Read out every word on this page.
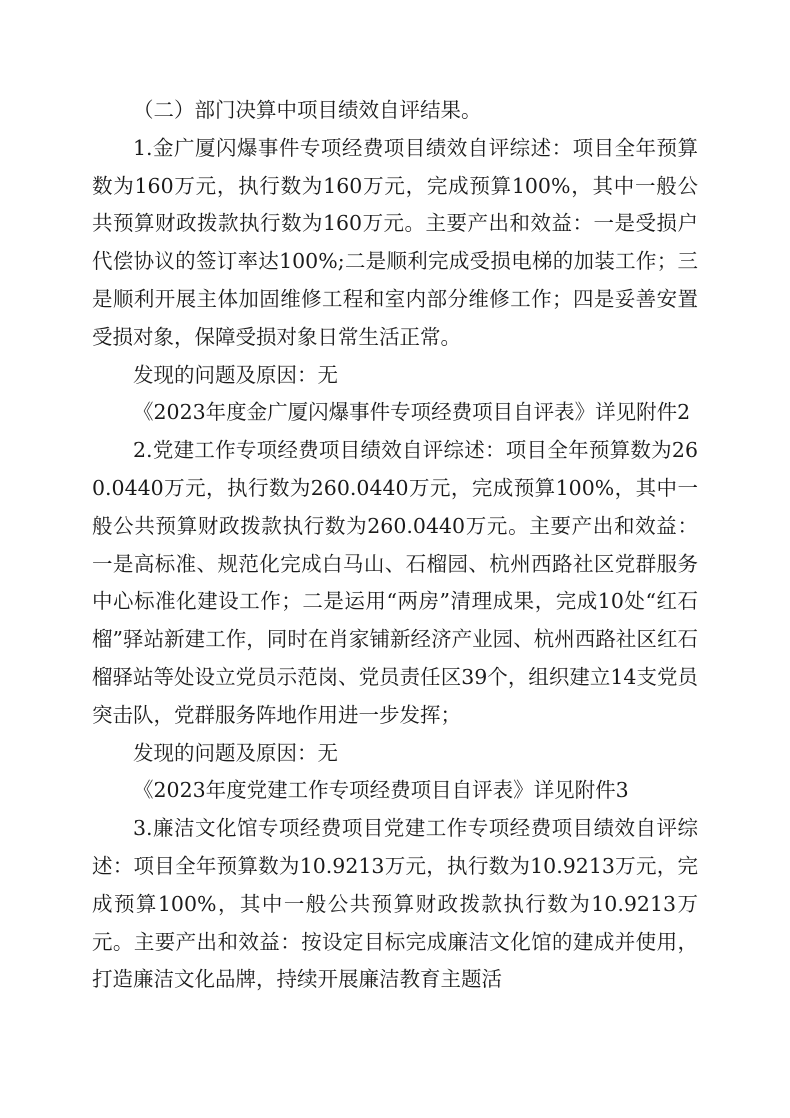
（二）部门决算中项目绩效自评结果。

1.金广厦闪爆事件专项经费项目绩效自评综述：项目全年预算数为160万元，执行数为160万元，完成预算100%，其中一般公共预算财政拨款执行数为160万元。主要产出和效益：一是受损户代偿协议的签订率达100%;二是顺利完成受损电梯的加装工作；三是顺利开展主体加固维修工程和室内部分维修工作；四是妥善安置受损对象，保障受损对象日常生活正常。

发现的问题及原因：无

《2023年度金广厦闪爆事件专项经费项目自评表》详见附件2

2.党建工作专项经费项目绩效自评综述：项目全年预算数为260.0440万元，执行数为260.0440万元，完成预算100%，其中一般公共预算财政拨款执行数为260.0440万元。主要产出和效益：一是高标准、规范化完成白马山、石榴园、杭州西路社区党群服务中心标准化建设工作；二是运用“两房”清理成果，完成10处“红石榴”驿站新建工作，同时在肖家铺新经济产业园、杭州西路社区红石榴驿站等处设立党员示范岗、党员责任区39个，组织建立14支党员突击队，党群服务阵地作用进一步发挥；

发现的问题及原因：无

《2023年度党建工作专项经费项目自评表》详见附件3

3.廉洁文化馆专项经费项目党建工作专项经费项目绩效自评综述：项目全年预算数为10.9213万元，执行数为10.9213万元，完成预算100%，其中一般公共预算财政拨款执行数为10.9213万元。主要产出和效益：按设定目标完成廉洁文化馆的建成并使用，打造廉洁文化品牌，持续开展廉洁教育主题活
